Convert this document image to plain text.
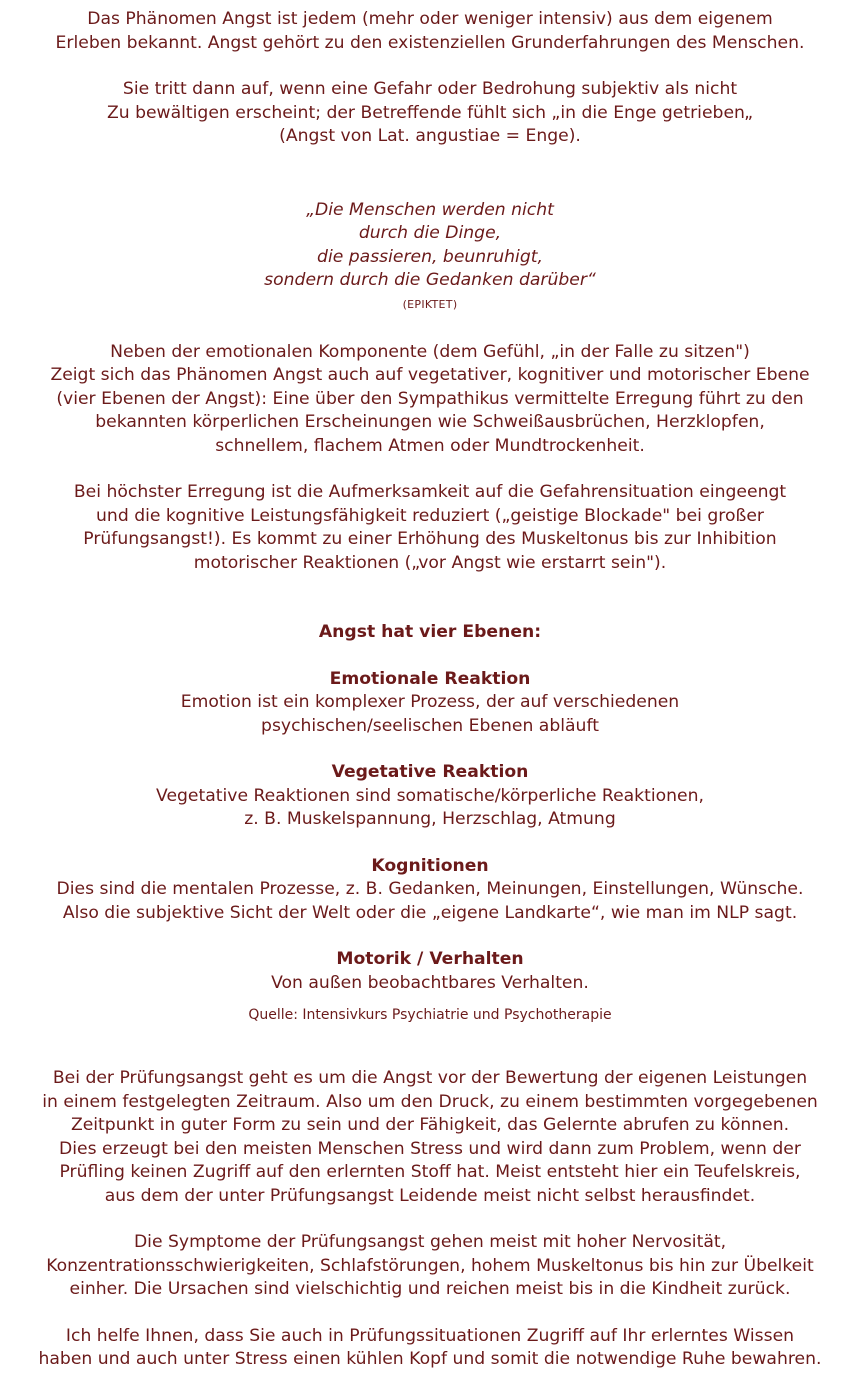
Das Phänomen Angst ist jedem (mehr oder weniger intensiv) aus dem eigenem
Erleben bekannt. Angst gehört zu den existenziellen Grunderfahrungen des Menschen.

Sie tritt dann auf, wenn eine Gefahr oder Bedrohung subjektiv als nicht
Zu bewältigen erscheint; der Betreffende fühlt sich „in die Enge getrieben„
(Angst von Lat. angustiae = Enge).

„Die Menschen werden nicht
durch die Dinge,
die passieren, beunruhigt,
sondern durch die Gedanken darüber“

(EPIKTET)

Neben der emotionalen Komponente (dem Gefühl, „in der Falle zu sitzen")
Zeigt sich das Phänomen Angst auch auf vegetativer, kognitiver und motorischer Ebene
(vier Ebenen der Angst): Eine über den Sympathikus vermittelte Erregung führt zu den
bekannten körperlichen Erscheinungen wie Schweißausbrüchen, Herzklopfen,
schnellem, flachem Atmen oder Mundtrockenheit.

Bei höchster Erregung ist die Aufmerksamkeit auf die Gefahrensituation eingeengt
und die kognitive Leistungsfähigkeit reduziert („geistige Blockade" bei großer
Prüfungsangst!). Es kommt zu einer Erhöhung des Muskeltonus bis zur Inhibition
motorischer Reaktionen („vor Angst wie erstarrt sein").

Angst hat vier Ebenen:

Emotionale Reaktion

Emotion ist ein komplexer Prozess, der auf verschiedenen
psychischen/seelischen Ebenen abläuft

Vegetative Reaktion

Vegetative Reaktionen sind somatische/körperliche Reaktionen,
z. B. Muskelspannung, Herzschlag, Atmung

Kognitionen

Dies sind die mentalen Prozesse, z. B. Gedanken, Meinungen, Einstellungen, Wünsche.
Also die subjektive Sicht der Welt oder die „eigene Landkarte“, wie man im NLP sagt.

Motorik / Verhalten

Von außen beobachtbares Verhalten.

Quelle: Intensivkurs Psychiatrie und Psychotherapie

Bei der Prüfungsangst geht es um die Angst vor der Bewertung der eigenen Leistungen
in einem festgelegten Zeitraum. Also um den Druck, zu einem bestimmten vorgegebenen
Zeitpunkt in guter Form zu sein und der Fähigkeit, das Gelernte abrufen zu können.
Dies erzeugt bei den meisten Menschen Stress und wird dann zum Problem, wenn der
Prüfling keinen Zugriff auf den erlernten Stoff hat. Meist entsteht hier ein Teufelskreis,
aus dem der unter Prüfungsangst Leidende meist nicht selbst herausfindet.

Die Symptome der Prüfungsangst gehen meist mit hoher Nervosität,
Konzentrationsschwierigkeiten, Schlafstörungen, hohem Muskeltonus bis hin zur Übelkeit
einher. Die Ursachen sind vielschichtig und reichen meist bis in die Kindheit zurück.

Ich helfe Ihnen, dass Sie auch in Prüfungssituationen Zugriff auf Ihr erlerntes Wissen
haben und auch unter Stress einen kühlen Kopf und somit die notwendige Ruhe bewahren.
